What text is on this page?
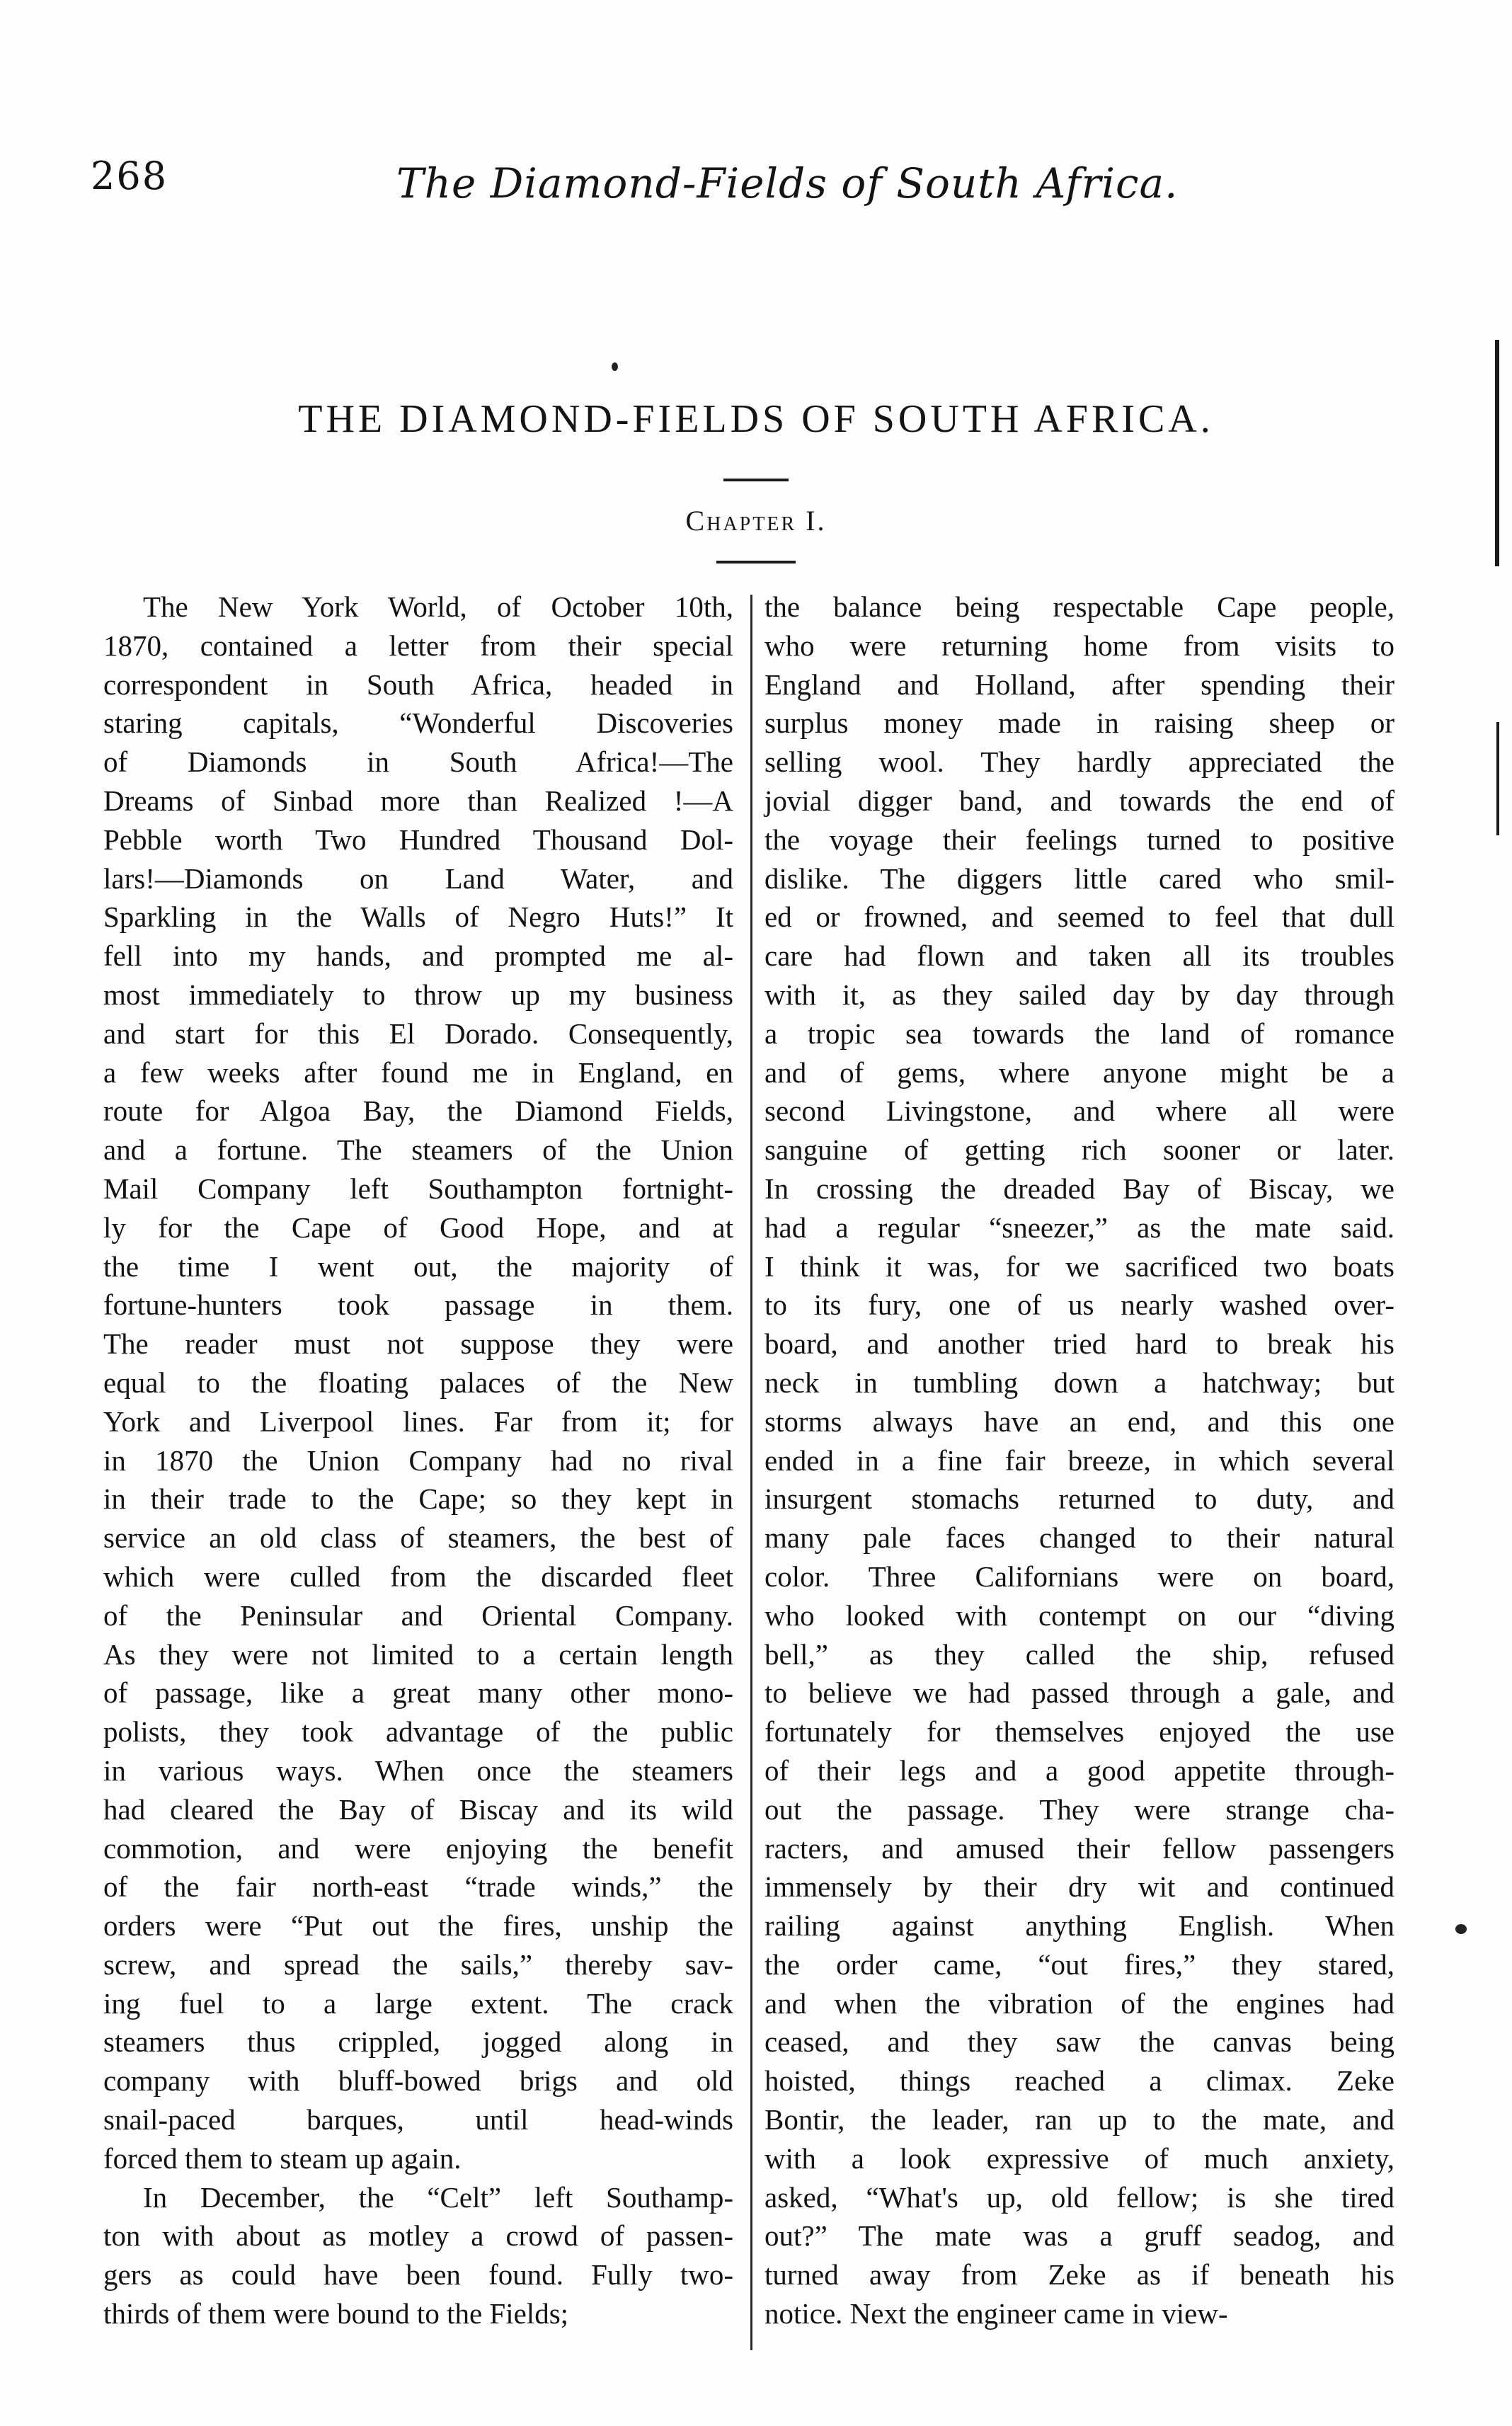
268	The Diamond-Fields of South Africa.
THE DIAMOND-FIELDS OF SOUTH AFRICA.
Chapter I.
The New York World, of October 10th,
1870, contained a letter from their special
correspondent in South Africa, headed in
staring capitals, “Wonderful Discoveries
of Diamonds in South Africa!—The
Dreams of Sinbad more than Realized !—A
Pebble worth Two Hundred Thousand Dol-
lars!—Diamonds on Land Water, and
Sparkling in the Walls of Negro Huts!” It
fell into my hands, and prompted me al-
most immediately to throw up my business
and start for this El Dorado. Consequently,
a few weeks after found me in England, en
route for Algoa Bay, the Diamond Fields,
and a fortune. The steamers of the Union
Mail Company left Southampton fortnight-
ly for the Cape of Good Hope, and at
the time I went out, the majority of
fortune-hunters took passage in them.
The reader must not suppose they were
equal to the floating palaces of the New
York and Liverpool lines. Far from it; for
in 1870 the Union Company had no rival
in their trade to the Cape; so they kept in
service an old class of steamers, the best of
which were culled from the discarded fleet
of the Peninsular and Oriental Company.
As they were not limited to a certain length
of passage, like a great many other mono-
polists, they took advantage of the public
in various ways. When once the steamers
had cleared the Bay of Biscay and its wild
commotion, and were enjoying the benefit
of the fair north-east “trade winds,” the
orders were “Put out the fires, unship the
screw, and spread the sails,” thereby sav-
ing fuel to a large extent. The crack
steamers thus crippled, jogged along in
company with bluff-bowed brigs and old
snail-paced barques, until head-winds
forced them to steam up again.
In December, the “Celt” left Southamp-
ton with about as motley a crowd of passen-
gers as could have been found. Fully two-
thirds of them were bound to the Fields;
the balance being respectable Cape people,
who were returning home from visits to
England and Holland, after spending their
surplus money made in raising sheep or
selling wool. They hardly appreciated the
jovial digger band, and towards the end of
the voyage their feelings turned to positive
dislike. The diggers little cared who smil-
ed or frowned, and seemed to feel that dull
care had flown and taken all its troubles
with it, as they sailed day by day through
a tropic sea towards the land of romance
and of gems, where anyone might be a
second Livingstone, and where all were
sanguine of getting rich sooner or later.
In crossing the dreaded Bay of Biscay, we
had a regular “sneezer,” as the mate said.
I think it was, for we sacrificed two boats
to its fury, one of us nearly washed over-
board, and another tried hard to break his
neck in tumbling down a hatchway; but
storms always have an end, and this one
ended in a fine fair breeze, in which several
insurgent stomachs returned to duty, and
many pale faces changed to their natural
color. Three Californians were on board,
who looked with contempt on our “diving
bell,” as they called the ship, refused
to believe we had passed through a gale, and
fortunately for themselves enjoyed the use
of their legs and a good appetite through-
out the passage. They were strange cha-
racters, and amused their fellow passengers
immensely by their dry wit and continued
railing against anything English. When
the order came, “out fires,” they stared,
and when the vibration of the engines had
ceased, and they saw the canvas being
hoisted, things reached a climax. Zeke
Bontir, the leader, ran up to the mate, and
with a look expressive of much anxiety,
asked, “What's up, old fellow; is she tired
out?” The mate was a gruff seadog, and
turned away from Zeke as if beneath his
notice. Next the engineer came in view-
